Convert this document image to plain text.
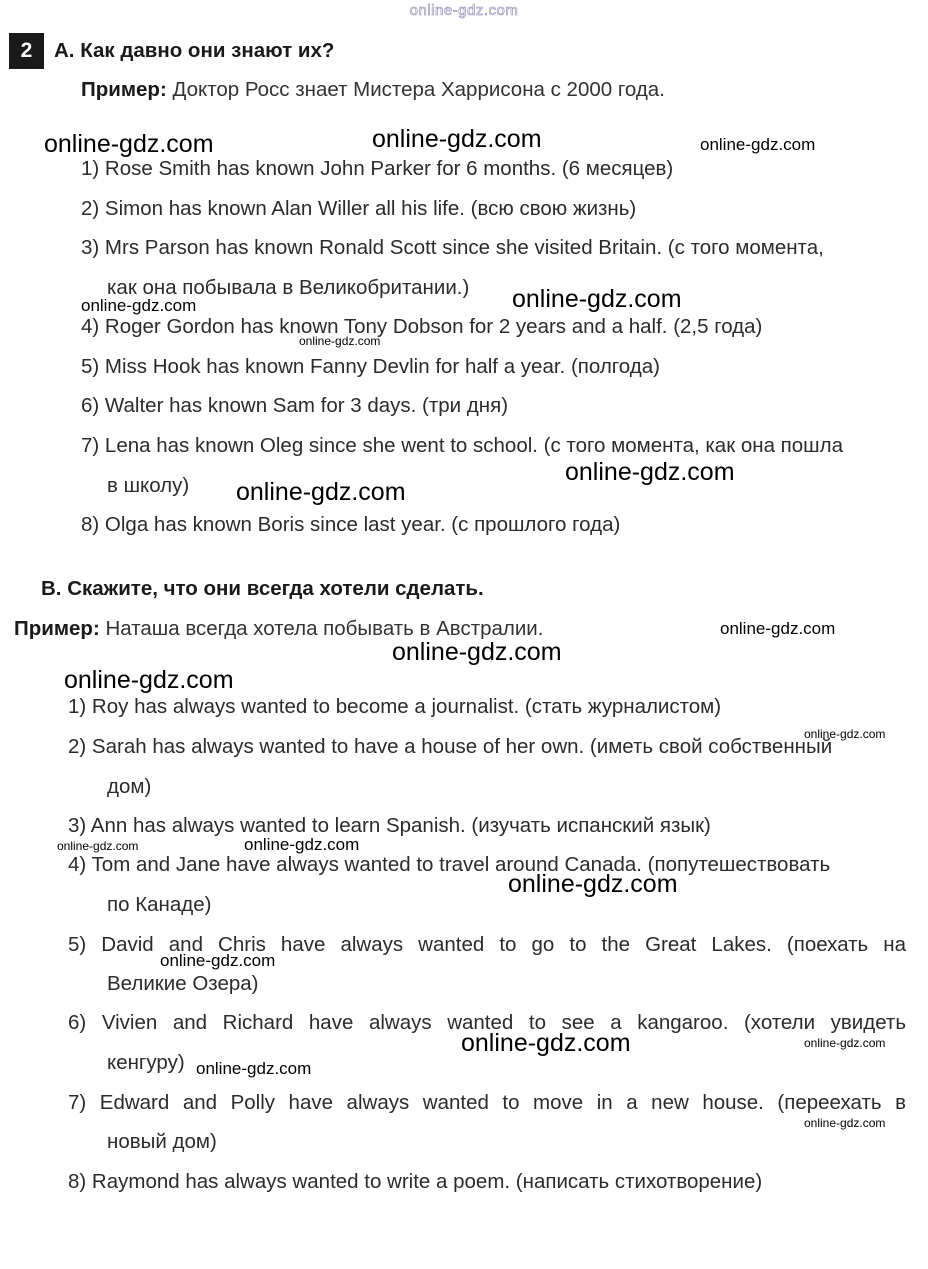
online-gdz.com
2	А. Как давно они знают их?
Пример: Доктор Росс знает Мистера Харрисона с 2000 года.
1) Rose Smith has known John Parker for 6 months. (6 месяцев)
2) Simon has known Alan Willer all his life. (всю свою жизнь)
3) Mrs Parson has known Ronald Scott since she visited Britain. (с того момента,
как она побывала в Великобритании.)
4) Roger Gordon has known Tony Dobson for 2 years and a half. (2,5 года)
5) Miss Hook has known Fanny Devlin for half a year. (полгода)
6) Walter has known Sam for 3 days. (три дня)
7) Lena has known Oleg since she went to school. (с того момента, как она пошла
в школу)
8) Olga has known Boris since last year. (с прошлого года)
В. Скажите, что они всегда хотели сделать.
Пример: Наташа всегда хотела побывать в Австралии.
1) Roy has always wanted to become a journalist. (стать журналистом)
2) Sarah has always wanted to have a house of her own. (иметь свой собственный
дом)
3) Ann has always wanted to learn Spanish. (изучать испанский язык)
4) Tom and Jane have always wanted to travel around Canada. (попутешествовать
по Канаде)
5) David and Chris have always wanted to go to the Great Lakes. (поехать на
Великие Озера)
6) Vivien and Richard have always wanted to see a kangaroo. (хотели увидеть
кенгуру)
7) Edward and Polly have always wanted to move in a new house. (переехать в
новый дом)
8) Raymond has always wanted to write a poem. (написать стихотворение)
online-gdz.com	online-gdz.com	online-gdz.com
online-gdz.com	online-gdz.com
online-gdz.com
online-gdz.com
online-gdz.com
online-gdz.com
online-gdz.com
online-gdz.com
online-gdz.com
online-gdz.com	online-gdz.com
online-gdz.com
online-gdz.com
online-gdz.com	online-gdz.com
online-gdz.com
online-gdz.com
